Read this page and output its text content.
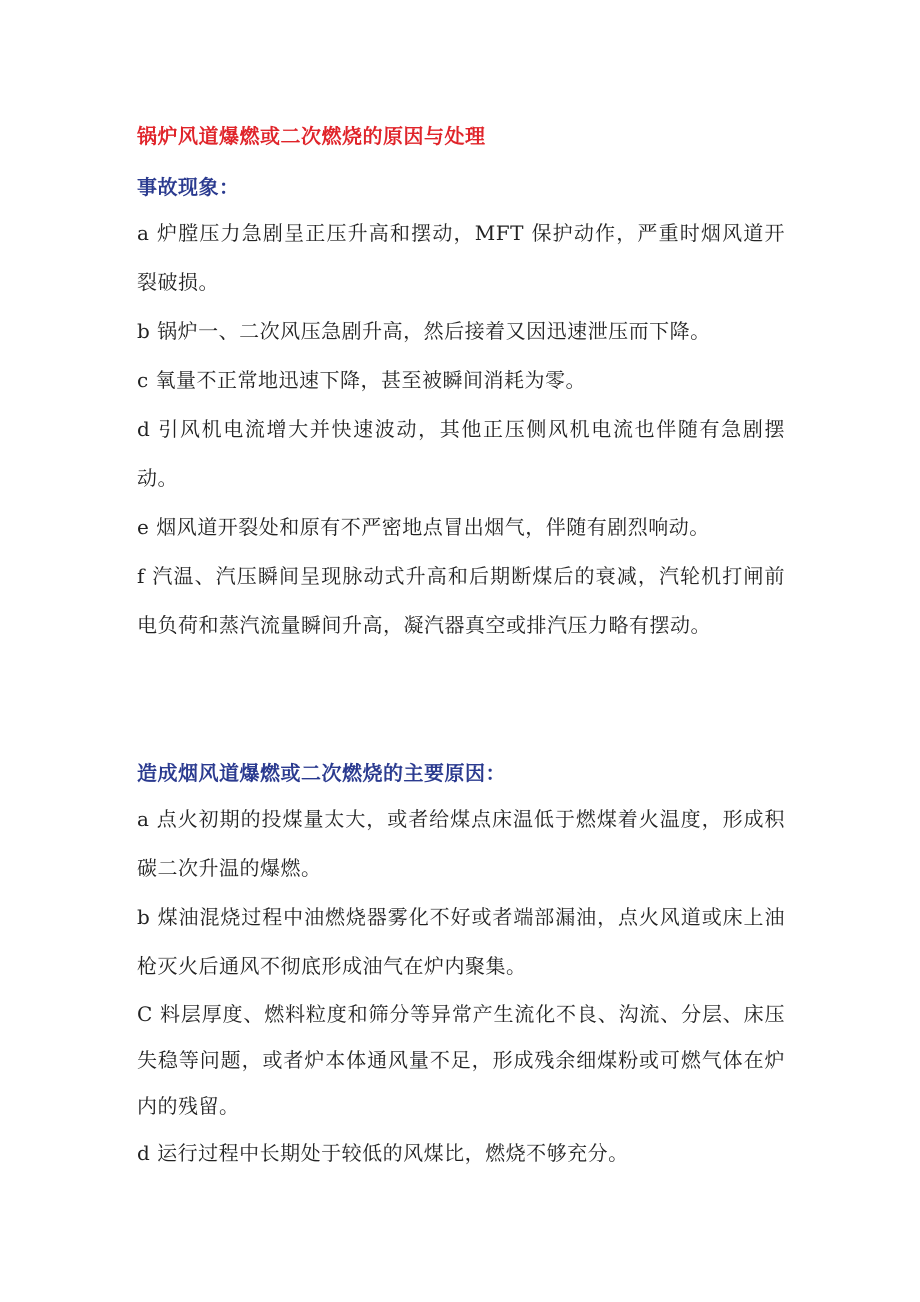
锅炉风道爆燃或二次燃烧的原因与处理
事故现象：
a 炉膛压力急剧呈正压升高和摆动，MFT 保护动作，严重时烟风道开裂破损。
b 锅炉一、二次风压急剧升高，然后接着又因迅速泄压而下降。
c 氧量不正常地迅速下降，甚至被瞬间消耗为零。
d 引风机电流增大并快速波动，其他正压侧风机电流也伴随有急剧摆动。
e 烟风道开裂处和原有不严密地点冒出烟气，伴随有剧烈响动。
f 汽温、汽压瞬间呈现脉动式升高和后期断煤后的衰减，汽轮机打闸前电负荷和蒸汽流量瞬间升高，凝汽器真空或排汽压力略有摆动。
造成烟风道爆燃或二次燃烧的主要原因：
a 点火初期的投煤量太大，或者给煤点床温低于燃煤着火温度，形成积碳二次升温的爆燃。
b 煤油混烧过程中油燃烧器雾化不好或者端部漏油，点火风道或床上油枪灭火后通风不彻底形成油气在炉内聚集。
C 料层厚度、燃料粒度和筛分等异常产生流化不良、沟流、分层、床压失稳等问题，或者炉本体通风量不足，形成残余细煤粉或可燃气体在炉内的残留。
d 运行过程中长期处于较低的风煤比，燃烧不够充分。
